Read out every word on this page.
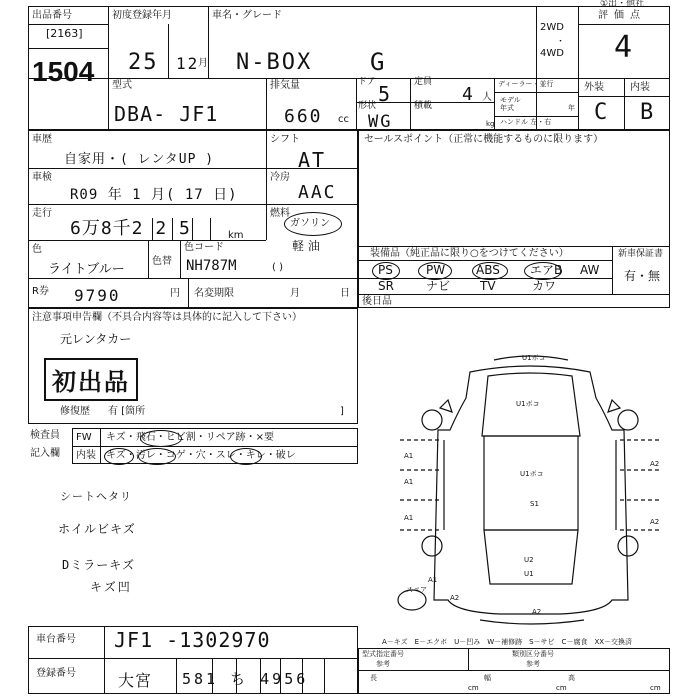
①出・他社
出品番号
[2163]
1504
初度登録年月
25 12
月
車名・グレード
N-BOX G
2WD
・
4WD
評価点
4
型式
DBA- JF1
排気量
660 cc
ドア 5 定員
4 人
形状
WG
積載
kg
ディーラー・並行
モデル年式	年
ハンドル 左・右
外装	内装
C B
車歴
自家用・( レンタUP )
シフト
AT
車検
R09 年 1 月( 17 日)
冷房
AAC
走行
6万8千2 2 5	km
燃料
ガソリン
軽 油
( )
色
ライトブルー
色替
色コード
NH787M
R券 9790	円 名変期限	月	日
セールスポイント（正常に機能するものに限ります）
装備品（純正品に限り○をつけてください）	新車保証書
有・無
PS	PW	ABS	エアB AW
SR	ナビ TV	カワ
後日品
注意事項申告欄（不具合内容等は具体的に記入して下さい）
元レンタカー
初出品
修復歴 有 [箇所	]
検査員
記入欄
FW キズ・飛石・ヒビ割・リペア跡・×要
内装 キズ・汚レ・コゲ・穴・スレ・キレ・破レ
シートヘタリ
ホイルビキズ
Dミラーキズ
キズ凹
U1ボコ
U1ボコ
A2
A2
A1
A1
A1
U1ボコ
U2
U1
A1
A2
スペア
A2
S1
A－キズ　E－エクボ　U－凹み　W－補修跡　S－サビ　C－腐食　XX－交換済
車台番号 JF1 -1302970
登録番号	大宮 581 ち 4956
型式指定番号
参考
類別区分番号
参考
長	幅	高
cm	cm	cm
